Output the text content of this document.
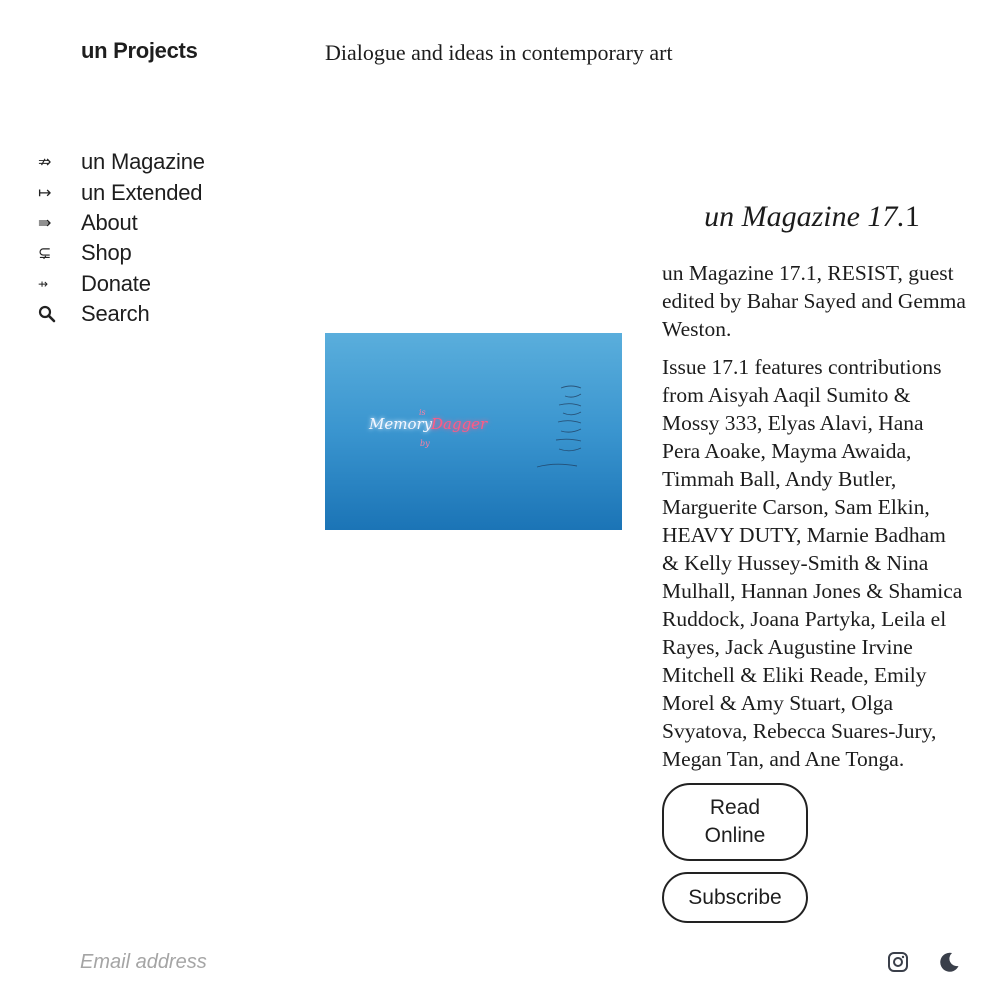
un Projects	Dialogue and ideas in contemporary art
⇏	un Magazine
↦	un Extended
⇛	About
⊊	Shop
⇸	Donate
Search
Memory
Dagger
is
by
un Magazine 17.1

un Magazine 17.1, RESIST, guest edited by Bahar Sayed and Gemma Weston.

Issue 17.1 features contributions from Aisyah Aaqil Sumito & Mossy 333, Elyas Alavi, Hana Pera Aoake, Mayma Awaida, Timmah Ball, Andy Butler, Marguerite Carson, Sam Elkin, HEAVY DUTY, Marnie Badham & Kelly Hussey-Smith & Nina Mulhall, Hannan Jones & Shamica Ruddock, Joana Partyka, Leila el Rayes, Jack Augustine Irvine Mitchell & Eliki Reade, Emily Morel & Amy Stuart, Olga Svyatova, Rebecca Suares-Jury, Megan Tan, and Ane Tonga.

Read Online
Subscribe
Email address
